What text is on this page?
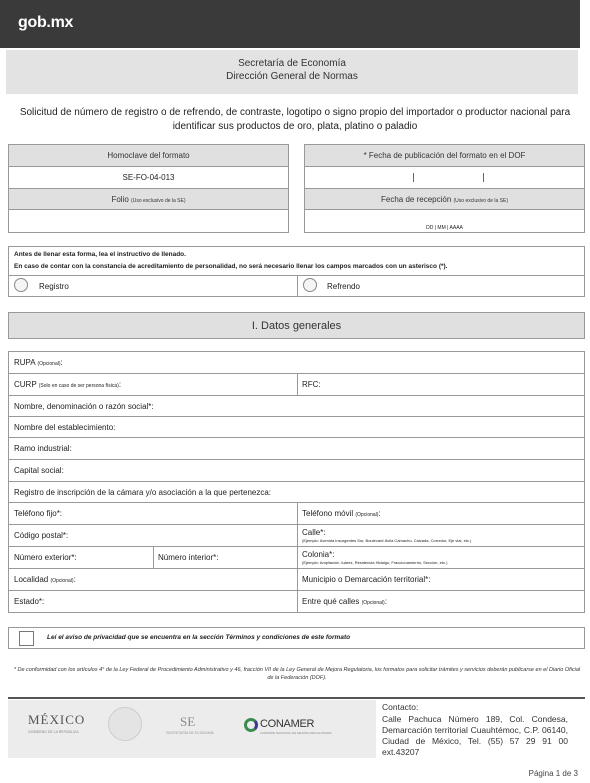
gob.mx
Secretaría de Economía
Dirección General de Normas
Solicitud de número de registro o de refrendo, de contraste, logotipo o signo propio del importador o productor nacional para identificar sus productos de oro, plata, platino o paladio
Homoclave del formato
SE-FO-04-013
Folio (Uso exclusivo de la SE)
* Fecha de publicación del formato en el DOF
Fecha de recepción (Uso exclusivo de la SE)
DD | MM | AAAA
Antes de llenar esta forma, lea el instructivo de llenado.
En caso de contar con la constancia de acreditamiento de personalidad, no será necesario llenar los campos marcados con un asterisco (*).
Registro	Refrendo
I. Datos generales
RUPA (Opcional):
CURP (Solo en caso de ser persona física):	RFC:
Nombre, denominación o razón social*:
Nombre del establecimiento:
Ramo industrial:
Capital social:
Registro de inscripción de la cámara y/o asociación a la que pertenezca:
Teléfono fijo*:	Teléfono móvil (Opcional):
Código postal*:	Calle*:
(Ejemplo: Avenida Insurgentes Sur, Boulevard Ávila Camacho, Calzada, Corredor, Eje vial, etc.)
Número exterior*:	Número interior*:	Colonia*:
(Ejemplo: Ampliación Juárez, Residencia Hidalgo, Fraccionamiento, Sección, etc.)
Localidad (Opcional):	Municipio o Demarcación territorial*:
Estado*:	Entre qué calles (Opcional):
Leí el aviso de privacidad que se encuentra en la sección Términos y condiciones de este formato
* De conformidad con los artículos 4° de la Ley Federal de Procedimiento Administrativo y 46, fracción VII de la Ley General de Mejora Regulatoria, los formatos para solicitar trámites y servicios deberán publicarse en el Diario Oficial de la Federación (DOF).
MÉXICO
GOBIERNO DE LA REPÚBLICA
SE
SECRETARÍA DE ECONOMÍA
CONAMER
COMISIÓN NACIONAL DE MEJORA REGULATORIA
Contacto:
Calle Pachuca Número 189, Col. Condesa, Demarcación territorial Cuauhtémoc, C.P. 06140, Ciudad de México, Tel. (55) 57 29 91 00 ext.43207
Página 1 de 3
